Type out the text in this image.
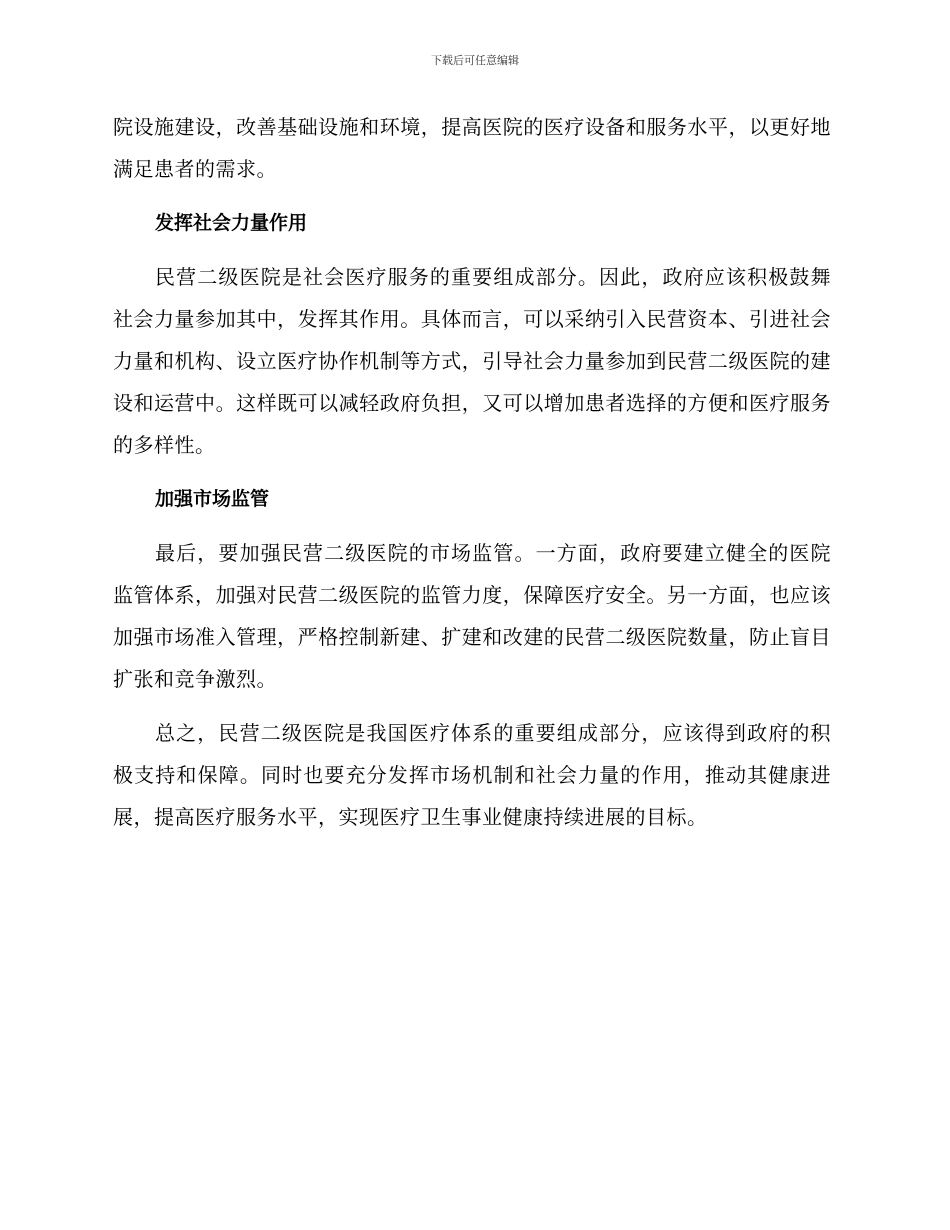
下载后可任意编辑

院设施建设，改善基础设施和环境，提高医院的医疗设备和服务水平，以更好地满足患者的需求。

发挥社会力量作用

民营二级医院是社会医疗服务的重要组成部分。因此，政府应该积极鼓舞社会力量参加其中，发挥其作用。具体而言，可以采纳引入民营资本、引进社会力量和机构、设立医疗协作机制等方式，引导社会力量参加到民营二级医院的建设和运营中。这样既可以减轻政府负担，又可以增加患者选择的方便和医疗服务的多样性。

加强市场监管

最后，要加强民营二级医院的市场监管。一方面，政府要建立健全的医院监管体系，加强对民营二级医院的监管力度，保障医疗安全。另一方面，也应该加强市场准入管理，严格控制新建、扩建和改建的民营二级医院数量，防止盲目扩张和竞争激烈。

总之，民营二级医院是我国医疗体系的重要组成部分，应该得到政府的积极支持和保障。同时也要充分发挥市场机制和社会力量的作用，推动其健康进展，提高医疗服务水平，实现医疗卫生事业健康持续进展的目标。
